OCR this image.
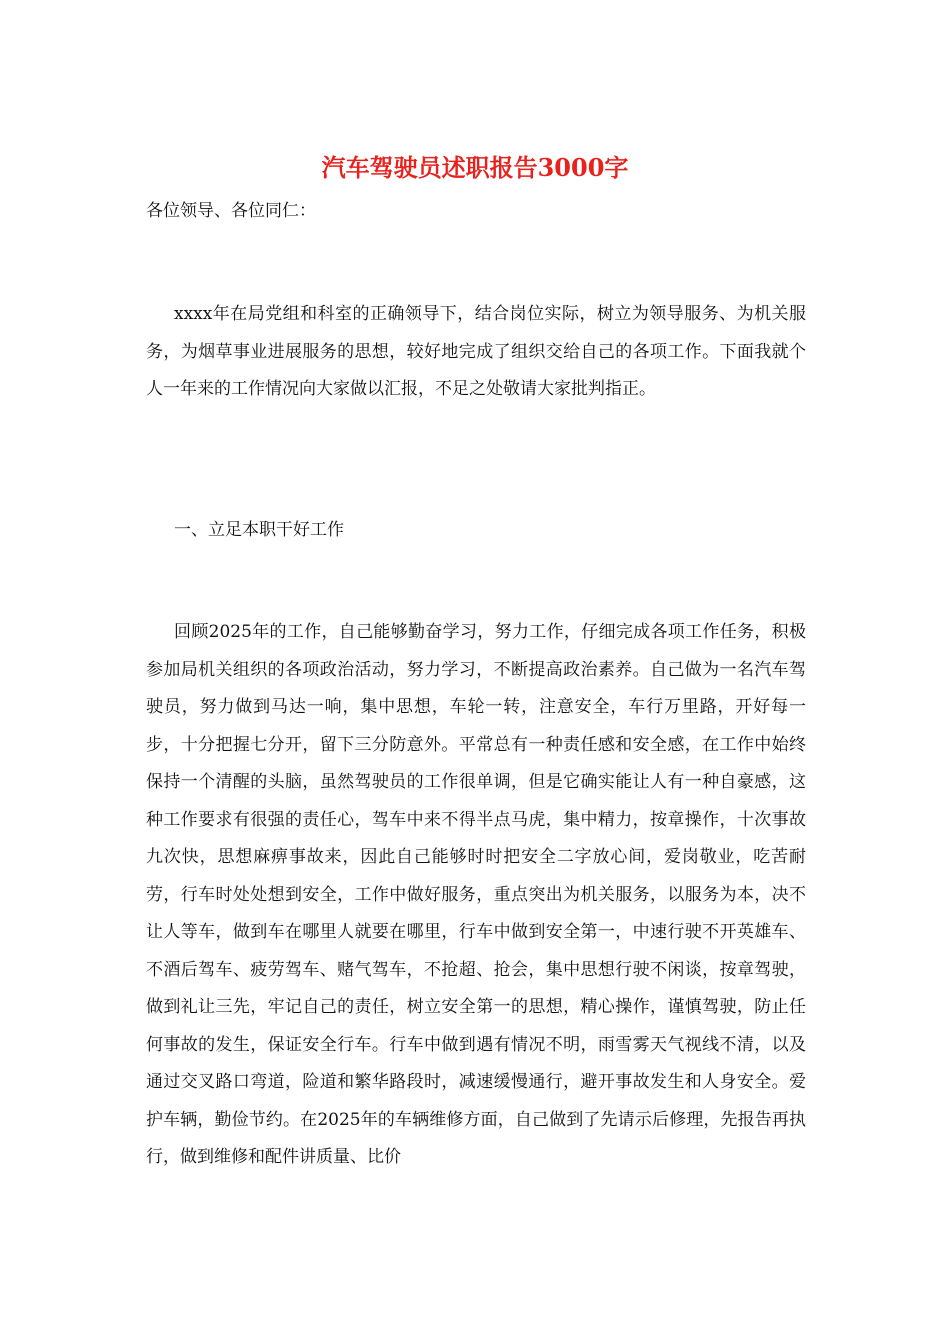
汽车驾驶员述职报告3000字

各位领导、各位同仁：

xxxx年在局党组和科室的正确领导下，结合岗位实际，树立为领导服务、为机关服务，为烟草事业进展服务的思想，较好地完成了组织交给自己的各项工作。下面我就个人一年来的工作情况向大家做以汇报，不足之处敬请大家批判指正。

一、立足本职干好工作

回顾2025年的工作，自己能够勤奋学习，努力工作，仔细完成各项工作任务，积极参加局机关组织的各项政治活动，努力学习，不断提高政治素养。自己做为一名汽车驾驶员，努力做到马达一响，集中思想，车轮一转，注意安全，车行万里路，开好每一步，十分把握七分开，留下三分防意外。平常总有一种责任感和安全感，在工作中始终保持一个清醒的头脑，虽然驾驶员的工作很单调，但是它确实能让人有一种自豪感，这种工作要求有很强的责任心，驾车中来不得半点马虎，集中精力，按章操作，十次事故九次快，思想麻痹事故来，因此自己能够时时把安全二字放心间，爱岗敬业，吃苦耐劳，行车时处处想到安全，工作中做好服务，重点突出为机关服务，以服务为本，决不让人等车，做到车在哪里人就要在哪里，行车中做到安全第一，中速行驶不开英雄车、不酒后驾车、疲劳驾车、赌气驾车，不抢超、抢会，集中思想行驶不闲谈，按章驾驶，做到礼让三先，牢记自己的责任，树立安全第一的思想，精心操作，谨慎驾驶，防止任何事故的发生，保证安全行车。行车中做到遇有情况不明，雨雪雾天气视线不清，以及通过交叉路口弯道，险道和繁华路段时，减速缓慢通行，避开事故发生和人身安全。爱护车辆，勤俭节约。在2025年的车辆维修方面，自己做到了先请示后修理，先报告再执行，做到维修和配件讲质量、比价
